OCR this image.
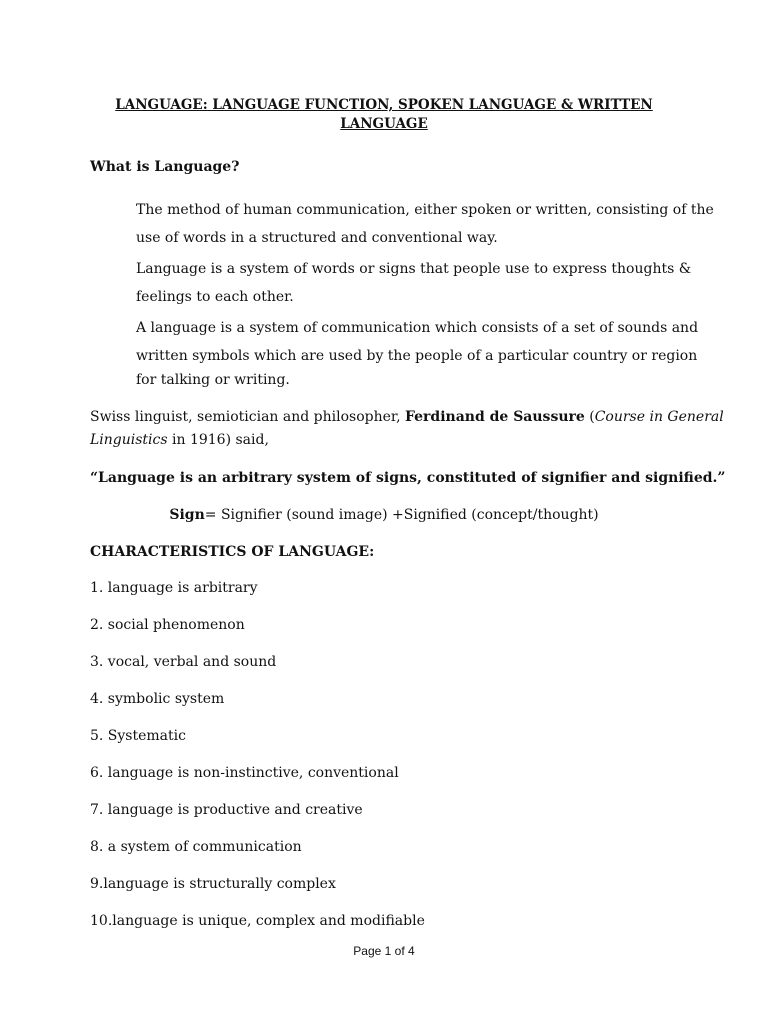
LANGUAGE: LANGUAGE FUNCTION, SPOKEN LANGUAGE & WRITTEN
LANGUAGE
What is Language?
The method of human communication, either spoken or written, consisting of the
use of words in a structured and conventional way.
Language is a system of words or signs that people use to express thoughts &
feelings to each other.
A language is a system of communication which consists of a set of sounds and
written symbols which are used by the people of a particular country or region
for talking or writing.
Swiss linguist, semiotician and philosopher, Ferdinand de Saussure (Course in General
Linguistics in 1916) said,
“Language is an arbitrary system of signs, constituted of signifier and signified.”
Sign= Signifier (sound image) +Signified (concept/thought)
CHARACTERISTICS OF LANGUAGE:
1. language is arbitrary
2. social phenomenon
3. vocal, verbal and sound
4. symbolic system
5. Systematic
6. language is non-instinctive, conventional
7. language is productive and creative
8. a system of communication
9.language is structurally complex
10.language is unique, complex and modifiable
Page 1 of 4
